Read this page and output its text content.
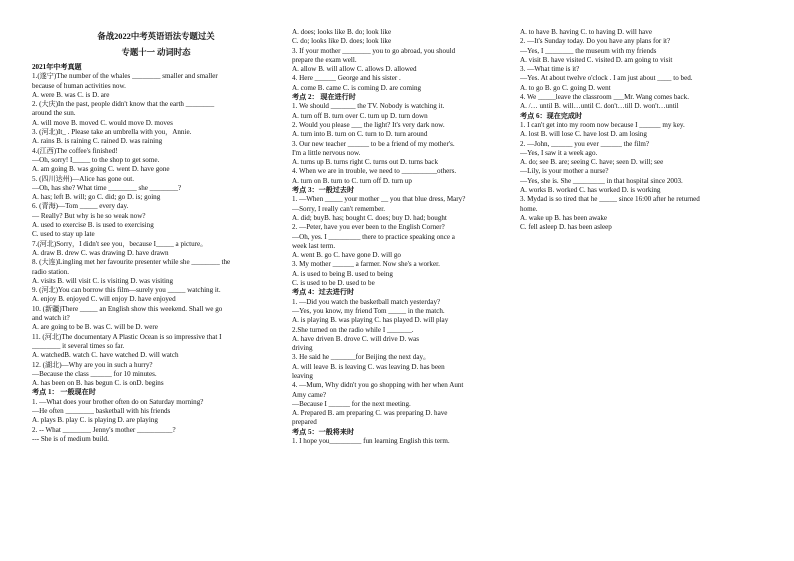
备战2022中考英语语法专题过关
专题十一 动词时态
2021年中考真题
1.(遂宁)The number of the whales ________ smaller and smaller
because of human activities now.
A. were B. was C. is D. are
2. (大庆)In the past, people didn't know that the earth ________
around the sun.
A. will move B. moved C. would move D. moves
3. (河北)It_ . Please take an umbrella with you，Annie.
A. rains B. is raining C. rained D. was raining
4.(江西)The coffee's finished!
—Oh, sorry! I_____ to the shop to get some.
A. am going B. was going C. went D. have gone
5. (四川达州)—Alice has gone out.
—Oh, has she? What time ________ she ________?
A. has; left B. will; go C. did; go D. is; going
6. (青海)—Tom _____ every day.
— Really? But why is he so weak now?
A. used to exercise B. is used to exercising
C. used to stay up late
7.(河北)Sorry，I didn't see you，because I_____ a picture。
A. draw B. drew C. was drawing D. have drawn
8. (大连)Lingling met her favourite presenter while she ________ the
radio station.
A. visits B. will visit C. is visiting D. was visiting
9. (河北)You can borrow this film—surely you _____ watching it.
A. enjoy B. enjoyed C. will enjoy D. have enjoyed
10. (新疆)There _____ an English show this weekend. Shall we go
and watch it?
A. are going to be B. was C. will be D. were
11. (河北)The documentary A Plastic Ocean is so impressive that I
________ it several times so far.
A. watchedB. watch C. have watched D. will watch
12. (湖北)—Why are you in such a hurry?
—Because the class ______ for 10 minutes.
A. has been on B. has begun C. is onD. begins
考点 1： 一般现在时
1. —What does your brother often do on Saturday morning?
—He often ________ basketball with his friends
A. plays B. play C. is playing D. are playing
2. -- What ________ Jenny's mother __________?
--- She is of medium build.
A. does; looks like B. do; look like
C. do; looks like D. does; look like
3. If your mother ________ you to go abroad, you should
prepare the exam well.
A. allow B. will allow C. allows D. allowed
4. Here ______ George and his sister .
A. come B. came C. is coming D. are coming
考点 2： 现在进行时
1. We should _______ the TV. Nobody is watching it.
A. turn off B. turn over C. turn up D. turn down
2. Would you please ___ the light? It's very dark now.
A. turn into B. turn on C. turn to D. turn around
3. Our new teacher ______ to be a friend of my mother's.
I'm a little nervous now.
A. turns up B. turns right C. turns out D. turns back
4. When we are in trouble, we need to __________others.
A. turn on B. turn to C. turn off D. turn up
考点 3：一般过去时
1. —When _____ your mother __ you that blue dress, Mary?
—Sorry, I really can't remember.
A. did; buyB. has; bought C. does; buy D. had; bought
2. —Peter, have you ever been to the English Corner?
—Oh, yes. I _________ there to practice speaking once a
week last term.
A. went B. go C. have gone D. will go
3. My mother ______ a farmer. Now she's a worker.
A. is used to being B. used to being
C. is used to be D. used to be
考点 4：过去进行时
1. —Did you watch the basketball match yesterday?
—Yes, you know, my friend Tom _____ in the match.
A. is playing B. was playing C. has played D. will play
2.She turned on the radio while I _______.
A. have driven B. drove C. will drive D. was
driving
3. He said he _______for Beijing the next day。
A. will leave B. is leaving C. was leaving D. has been
leaving
4. —Mum, Why didn't you go shopping with her when Aunt
Amy came?
—Because I ______ for the next meeting.
A. Prepared B. am preparing C. was preparing D. have
prepared
考点 5：一般将来时
1. I hope you_________ fun learning English this term.
A. to have B. having C. to having D. will have
2. —It's Sunday today. Do you have any plans for it?
—Yes, I ________ the museum with my friends
A. visit B. have visited C. visited D. am going to visit
3. —What time is it?
—Yes. At about twelve o'clock . I am just about ____ to bed.
A. to go B. go C. going D. went
4. We _____leave the classroom ___Mr. Wang comes back.
A. /… until B. will…until C. don't…till D. won't…until
考点 6：现在完成时
1. I can't get into my room now because I ______ my key.
A. lost B. will lose C. have lost D. am losing
2. —John, ______ you ever ______ the film?
—Yes, I saw it a week ago.
A. do; see B. are; seeing C. have; seen D. will; see
—Lily, is your mother a nurse?
—Yes, she is. She _________ in that hospital since 2003.
A. works B. worked C. has worked D. is working
3. Mydad is so tired that he _____ since 16:00 after he returned
home.
A. wake up B. has been awake
C. fell asleep D. has been asleep
